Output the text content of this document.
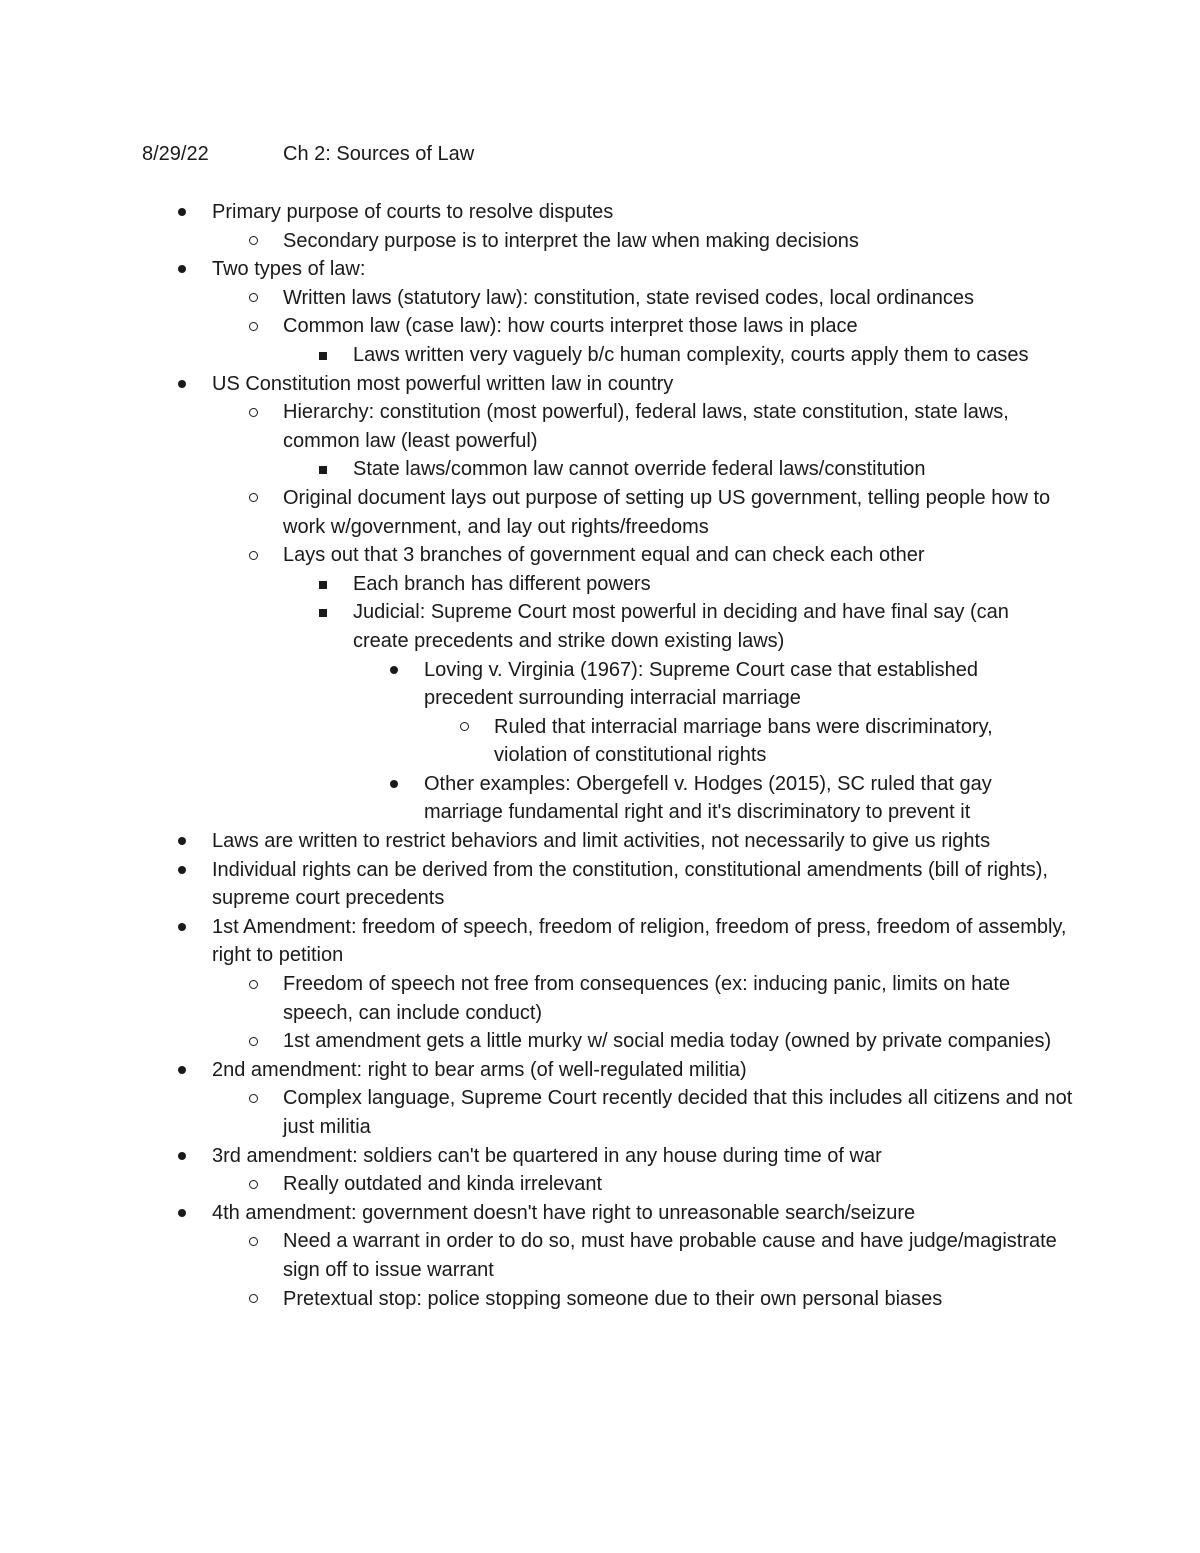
8/29/22	Ch 2: Sources of Law
Primary purpose of courts to resolve disputes
Secondary purpose is to interpret the law when making decisions
Two types of law:
Written laws (statutory law): constitution, state revised codes, local ordinances
Common law (case law): how courts interpret those laws in place
Laws written very vaguely b/c human complexity, courts apply them to cases
US Constitution most powerful written law in country
Hierarchy: constitution (most powerful), federal laws, state constitution, state laws, common law (least powerful)
State laws/common law cannot override federal laws/constitution
Original document lays out purpose of setting up US government, telling people how to work w/government, and lay out rights/freedoms
Lays out that 3 branches of government equal and can check each other
Each branch has different powers
Judicial: Supreme Court most powerful in deciding and have final say (can create precedents and strike down existing laws)
Loving v. Virginia (1967): Supreme Court case that established precedent surrounding interracial marriage
Ruled that interracial marriage bans were discriminatory, violation of constitutional rights
Other examples: Obergefell v. Hodges (2015), SC ruled that gay marriage fundamental right and it's discriminatory to prevent it
Laws are written to restrict behaviors and limit activities, not necessarily to give us rights
Individual rights can be derived from the constitution, constitutional amendments (bill of rights), supreme court precedents
1st Amendment: freedom of speech, freedom of religion, freedom of press, freedom of assembly, right to petition
Freedom of speech not free from consequences (ex: inducing panic, limits on hate speech, can include conduct)
1st amendment gets a little murky w/ social media today (owned by private companies)
2nd amendment: right to bear arms (of well-regulated militia)
Complex language, Supreme Court recently decided that this includes all citizens and not just militia
3rd amendment: soldiers can't be quartered in any house during time of war
Really outdated and kinda irrelevant
4th amendment: government doesn't have right to unreasonable search/seizure
Need a warrant in order to do so, must have probable cause and have judge/magistrate sign off to issue warrant
Pretextual stop: police stopping someone due to their own personal biases
